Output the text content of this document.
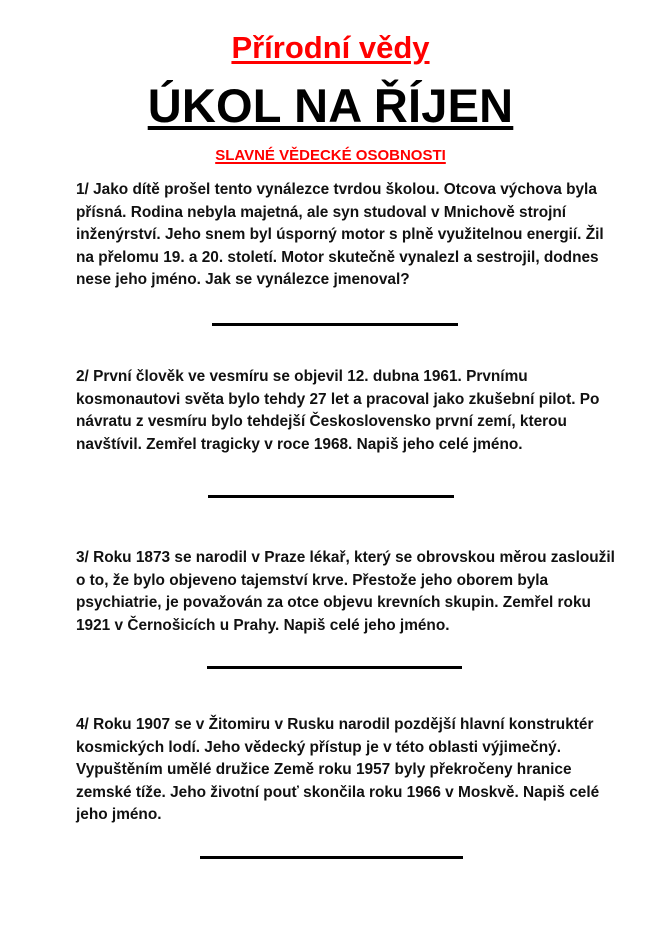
Přírodní vědy
ÚKOL NA ŘÍJEN
SLAVNÉ VĚDECKÉ OSOBNOSTI
1/ Jako dítě prošel tento vynálezce tvrdou školou. Otcova výchova byla přísná. Rodina nebyla majetná, ale syn studoval v Mnichově strojní inženýrství. Jeho snem byl úsporný motor s plně využitelnou energií. Žil na přelomu 19. a 20. století. Motor skutečně vynalezl a sestrojil, dodnes nese jeho jméno. Jak se vynálezce jmenoval?
2/ První člověk ve vesmíru se objevil 12. dubna 1961. Prvnímu kosmonautovi světa bylo tehdy 27 let a pracoval jako zkušební pilot. Po návratu z vesmíru bylo tehdejší Československo první zemí, kterou navštívil. Zemřel tragicky v roce 1968. Napiš jeho celé jméno.
3/ Roku 1873 se narodil v Praze lékař, který se obrovskou měrou zasloužil o to, že bylo objeveno tajemství krve. Přestože jeho oborem byla psychiatrie, je považován za otce objevu krevních skupin. Zemřel roku 1921 v Černošicích u Prahy. Napiš celé jeho jméno.
4/ Roku 1907 se v Žitomiru v Rusku narodil pozdější hlavní konstruktér kosmických lodí. Jeho vědecký přístup je v této oblasti výjimečný. Vypuštěním umělé družice Země roku 1957 byly překročeny hranice zemské tíže. Jeho životní pouť skončila roku 1966 v Moskvě. Napiš celé jeho jméno.
